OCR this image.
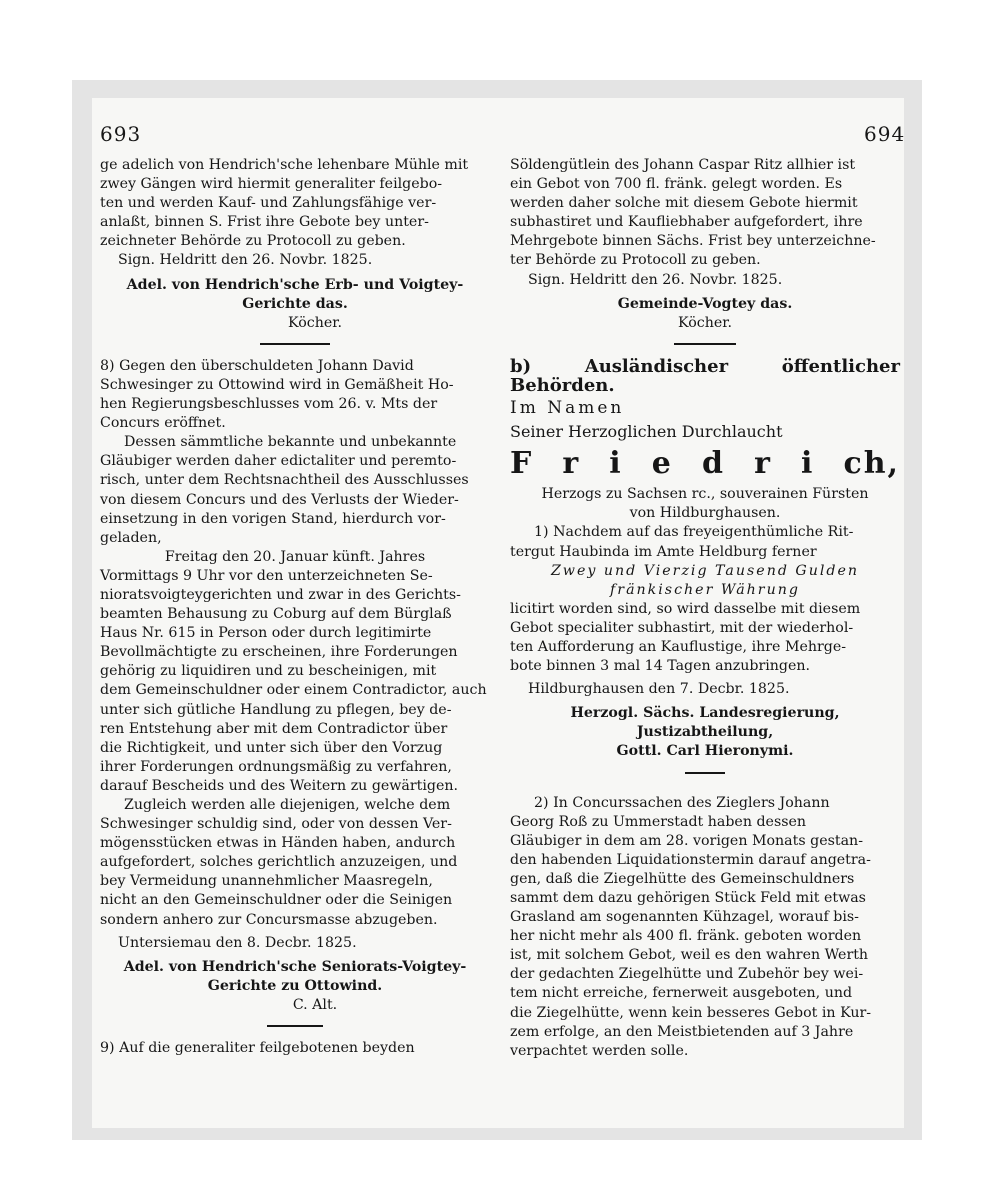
693	694

ge adelich von Hendrich'sche lehenbare Mühle mit

zwey Gängen wird hiermit generaliter feilgebo-

ten und werden Kauf- und Zahlungsfähige ver-

anlaßt, binnen S. Frist ihre Gebote bey unter-

zeichneter Behörde zu Protocoll zu geben.

Sign. Heldritt den 26. Novbr. 1825.

Adel. von Hendrich'sche Erb- und Voigtey-

Gerichte das.

Köcher.

8) Gegen den überschuldeten Johann David

Schwesinger zu Ottowind wird in Gemäßheit Ho-

hen Regierungsbeschlusses vom 26. v. Mts der

Concurs eröffnet.

Dessen sämmtliche bekannte und unbekannte

Gläubiger werden daher edictaliter und peremto-

risch, unter dem Rechtsnachtheil des Ausschlusses

von diesem Concurs und des Verlusts der Wieder-

einsetzung in den vorigen Stand, hierdurch vor-

geladen,

Freitag den 20. Januar künft. Jahres

Vormittags 9 Uhr vor den unterzeichneten Se-

nioratsvoigteygerichten und zwar in des Gerichts-

beamten Behausung zu Coburg auf dem Bürglaß

Haus Nr. 615 in Person oder durch legitimirte

Bevollmächtigte zu erscheinen, ihre Forderungen

gehörig zu liquidiren und zu bescheinigen, mit

dem Gemeinschuldner oder einem Contradictor, auch

unter sich gütliche Handlung zu pflegen, bey de-

ren Entstehung aber mit dem Contradictor über

die Richtigkeit, und unter sich über den Vorzug

ihrer Forderungen ordnungsmäßig zu verfahren,

darauf Bescheids und des Weitern zu gewärtigen.

Zugleich werden alle diejenigen, welche dem

Schwesinger schuldig sind, oder von dessen Ver-

mögensstücken etwas in Händen haben, andurch

aufgefordert, solches gerichtlich anzuzeigen, und

bey Vermeidung unannehmlicher Maasregeln,

nicht an den Gemeinschuldner oder die Seinigen

sondern anhero zur Concursmasse abzugeben.

Untersiemau den 8. Decbr. 1825.

Adel. von Hendrich'sche Seniorats-Voigtey-

Gerichte zu Ottowind.

C. Alt.

9) Auf die generaliter feilgebotenen beyden

Söldengütlein des Johann Caspar Ritz allhier ist

ein Gebot von 700 fl. fränk. gelegt worden. Es

werden daher solche mit diesem Gebote hiermit

subhastiret und Kaufliebhaber aufgefordert, ihre

Mehrgebote binnen Sächs. Frist bey unterzeichne-

ter Behörde zu Protocoll zu geben.

Sign. Heldritt den 26. Novbr. 1825.

Gemeinde-Vogtey das.

Köcher.

b) Ausländischer öffentlicher Behörden.

Im Namen

Seiner Herzoglichen Durchlaucht

F r i e d r i ch,

Herzogs zu Sachsen rc., souverainen Fürsten

von Hildburghausen.

1) Nachdem auf das freyeigenthümliche Rit-

tergut Haubinda im Amte Heldburg ferner

Zwey und Vierzig Tausend Gulden

fränkischer Währung

licitirt worden sind, so wird dasselbe mit diesem

Gebot specialiter subhastirt, mit der wiederhol-

ten Aufforderung an Kauflustige, ihre Mehrge-

bote binnen 3 mal 14 Tagen anzubringen.

Hildburghausen den 7. Decbr. 1825.

Herzogl. Sächs. Landesregierung,

Justizabtheilung,

Gottl. Carl Hieronymi.

2) In Concurssachen des Zieglers Johann

Georg Roß zu Ummerstadt haben dessen

Gläubiger in dem am 28. vorigen Monats gestan-

den habenden Liquidationstermin darauf angetra-

gen, daß die Ziegelhütte des Gemeinschuldners

sammt dem dazu gehörigen Stück Feld mit etwas

Grasland am sogenannten Kühzagel, worauf bis-

her nicht mehr als 400 fl. fränk. geboten worden

ist, mit solchem Gebot, weil es den wahren Werth

der gedachten Ziegelhütte und Zubehör bey wei-

tem nicht erreiche, fernerweit ausgeboten, und

die Ziegelhütte, wenn kein besseres Gebot in Kur-

zem erfolge, an den Meistbietenden auf 3 Jahre

verpachtet werden solle.
